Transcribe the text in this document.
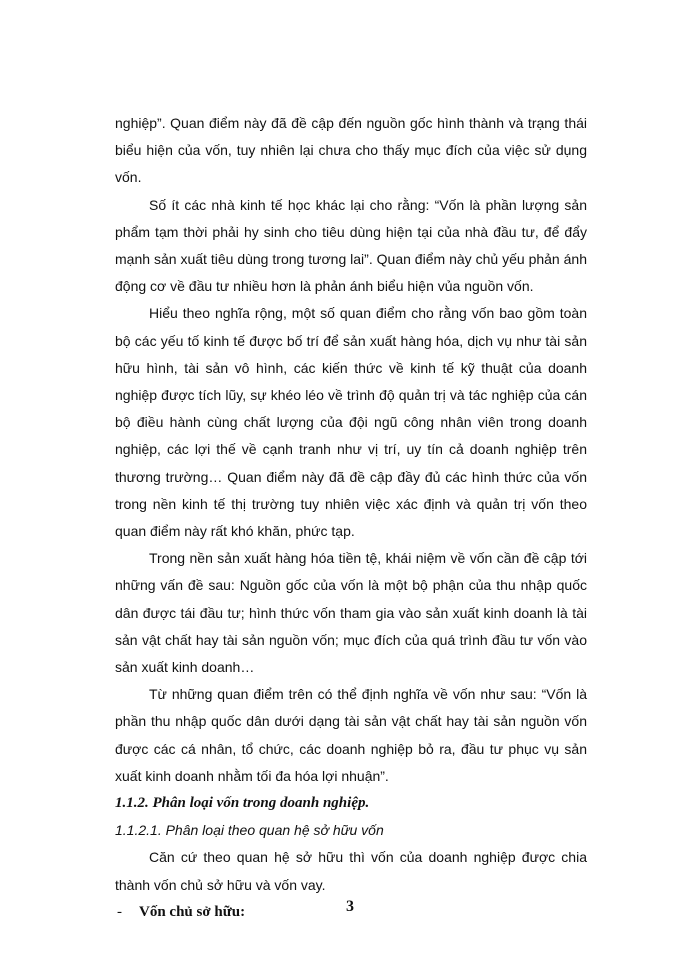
nghiệp”. Quan điểm này đã đề cập đến nguồn gốc hình thành và trạng thái biểu hiện của vốn, tuy nhiên lại chưa cho thấy mục đích của việc sử dụng vốn.

Số ít các nhà kinh tế học khác lại cho rằng: “Vốn là phần lượng sản phẩm tạm thời phải hy sinh cho tiêu dùng hiện tại của nhà đầu tư, để đẩy mạnh sản xuất tiêu dùng trong tương lai”. Quan điểm này chủ yếu phản ánh động cơ về đầu tư nhiều hơn là phản ánh biểu hiện vủa nguồn vốn.

Hiểu theo nghĩa rộng, một số quan điểm cho rằng vốn bao gồm toàn bộ các yếu tố kinh tế được bố trí để sản xuất hàng hóa, dịch vụ như tài sản hữu hình, tài sản vô hình, các kiến thức về kinh tế kỹ thuật của doanh nghiệp được tích lũy, sự khéo léo về trình độ quản trị và tác nghiệp của cán bộ điều hành cùng chất lượng của đội ngũ công nhân viên trong doanh nghiệp, các lợi thế về cạnh tranh như vị trí, uy tín cả doanh nghiệp trên thương trường… Quan điểm này đã đề cập đầy đủ các hình thức của vốn trong nền kinh tế thị trường tuy nhiên việc xác định và quản trị vốn theo quan điểm này rất khó khăn, phức tạp.

Trong nền sản xuất hàng hóa tiền tệ, khái niệm về vốn cần đề cập tới những vấn đề sau: Nguồn gốc của vốn là một bộ phận của thu nhập quốc dân được tái đầu tư; hình thức vốn tham gia vào sản xuất kinh doanh là tài sản vật chất hay tài sản nguồn vốn; mục đích của quá trình đầu tư vốn vào sản xuất kinh doanh…

Từ những quan điểm trên có thể định nghĩa về vốn như sau: “Vốn là phần thu nhập quốc dân dưới dạng tài sản vật chất hay tài sản nguồn vốn được các cá nhân, tổ chức, các doanh nghiệp bỏ ra, đầu tư phục vụ sản xuất kinh doanh nhằm tối đa hóa lợi nhuận”.

1.1.2. Phân loại vốn trong doanh nghiệp.

1.1.2.1. Phân loại theo quan hệ sở hữu vốn

Căn cứ theo quan hệ sở hữu thì vốn của doanh nghiệp được chia thành vốn chủ sở hữu và vốn vay.

- Vốn chủ sở hữu:	3
